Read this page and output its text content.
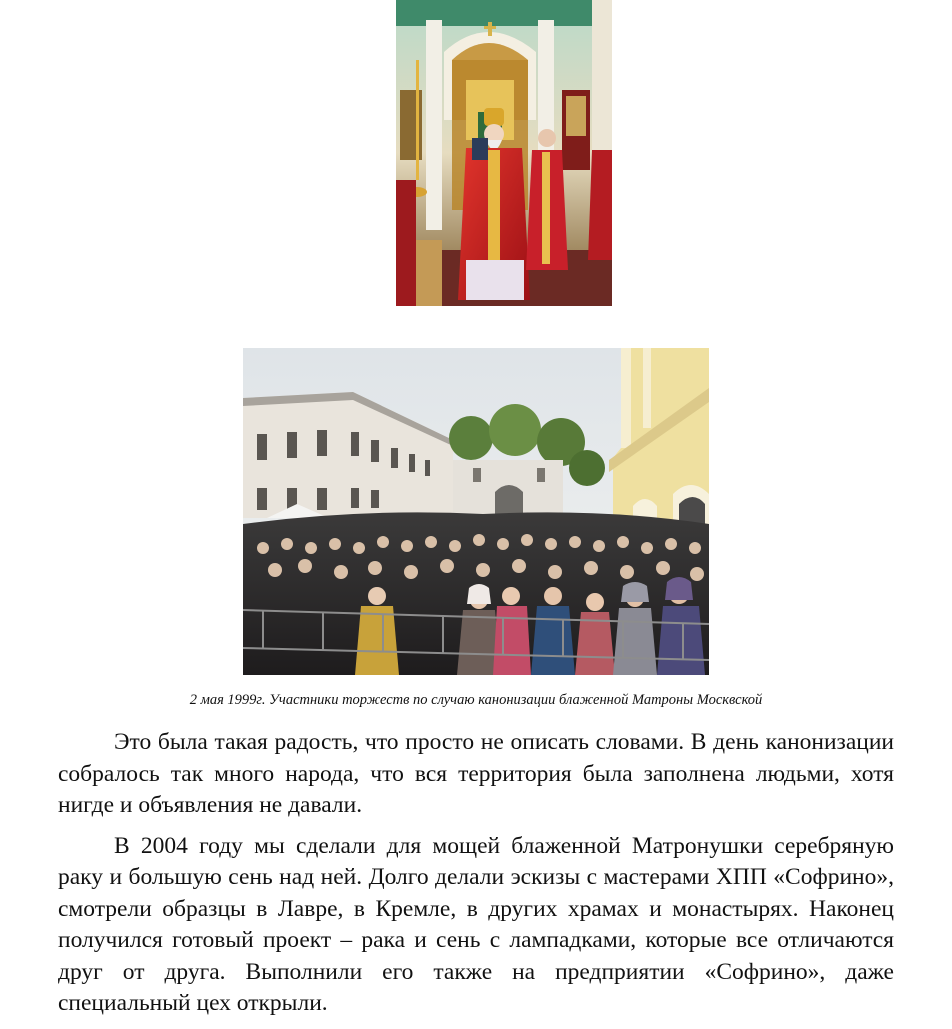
2 мая 1999г. Участники торжеств по случаю канонизации блаженной Матроны Москвской

Это была такая радость, что просто не описать словами. В день канонизации собралось так много народа, что вся территория была заполнена людьми, хотя нигде и объявления не давали.

В 2004 году мы сделали для мощей блаженной Матронушки серебряную раку и большую сень над ней. Долго делали эскизы с мастерами ХПП «Софрино», смотрели образцы в Лавре, в Кремле, в других храмах и монастырях. Наконец получился готовый проект – рака и сень с лампадками, которые все отличаются друг от друга. Выполнили его также на предприятии «Софрино», даже специальный цех открыли.
